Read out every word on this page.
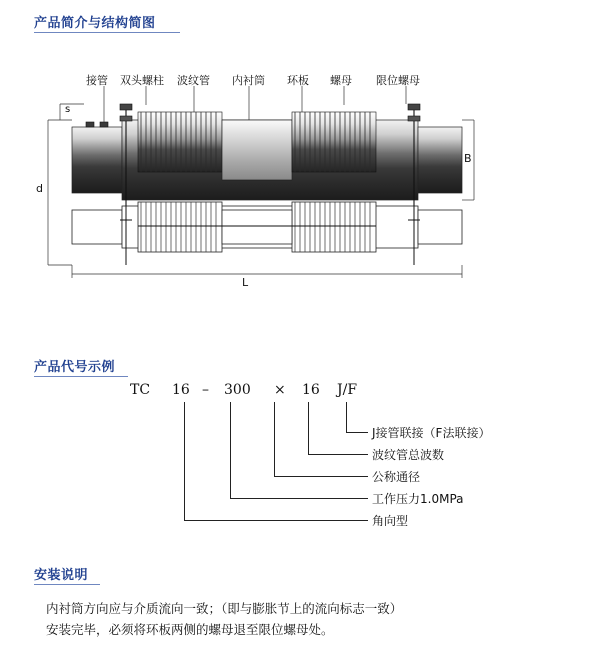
产品简介与结构简图
产品代号示例
安装说明
接管 双头螺柱 波纹管 内衬筒 环板 螺母 限位螺母
s
d
B
L
TC 16 – 300 × 16 J/F
J接管联接（F法联接）
波纹管总波数
公称通径
工作压力1.0MPa
角向型
内衬筒方向应与介质流向一致；（即与膨胀节上的流向标志一致）
安装完毕，必须将环板两侧的螺母退至限位螺母处。
